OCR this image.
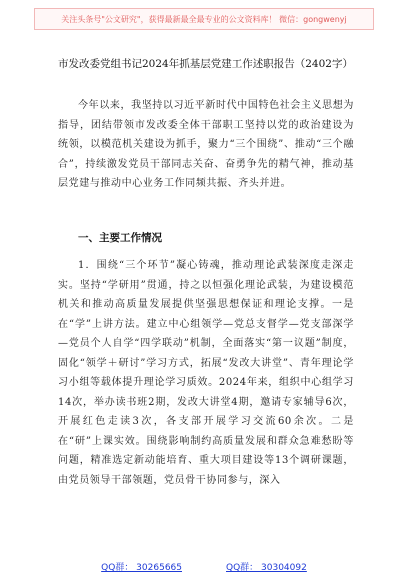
关注头条号"公文研究"，获得最新最全最专业的公文资料库！ 微信：gongwenyj
市发改委党组书记2024年抓基层党建工作述职报告（2402字）
今年以来，我坚持以习近平新时代中国特色社会主义思想为指导，团结带领市发改委全体干部职工坚持以党的政治建设为统领，以模范机关建设为抓手，聚力“三个围绕”、推动“三个融合”，持续激发党员干部同志关奋、奋勇争先的精气神，推动基层党建与推动中心业务工作同频共振、齐头并进。
一、主要工作情况
1．围绕“三个环节”凝心铸魂，推动理论武装深度走深走实。坚持“学研用”贯通，持之以恒强化理论武装，为建设模范机关和推动高质量发展提供坚强思想保证和理论支撑。一是在“学”上讲方法。建立中心组领学—党总支督学—党支部深学—党员个人自学“四学联动”机制，全面落实“第一议题”制度，固化“领学＋研讨”学习方式，拓展“发改大讲堂”、青年理论学习小组等载体提升理论学习质效。2024年来，组织中心组学习14次，举办读书班2期，发改大讲堂4期，邀请专家辅导6次，开展红色走读3次，各支部开展学习交流60余次。二是在“研”上课实效。围绕影响制约高质量发展和群众急难愁盼等问题，精准选定新动能培育、重大项目建设等13个调研课题，由党员领导干部领题，党员骨干协同参与，深入
QQ群： 30265665	QQ群： 30304092
